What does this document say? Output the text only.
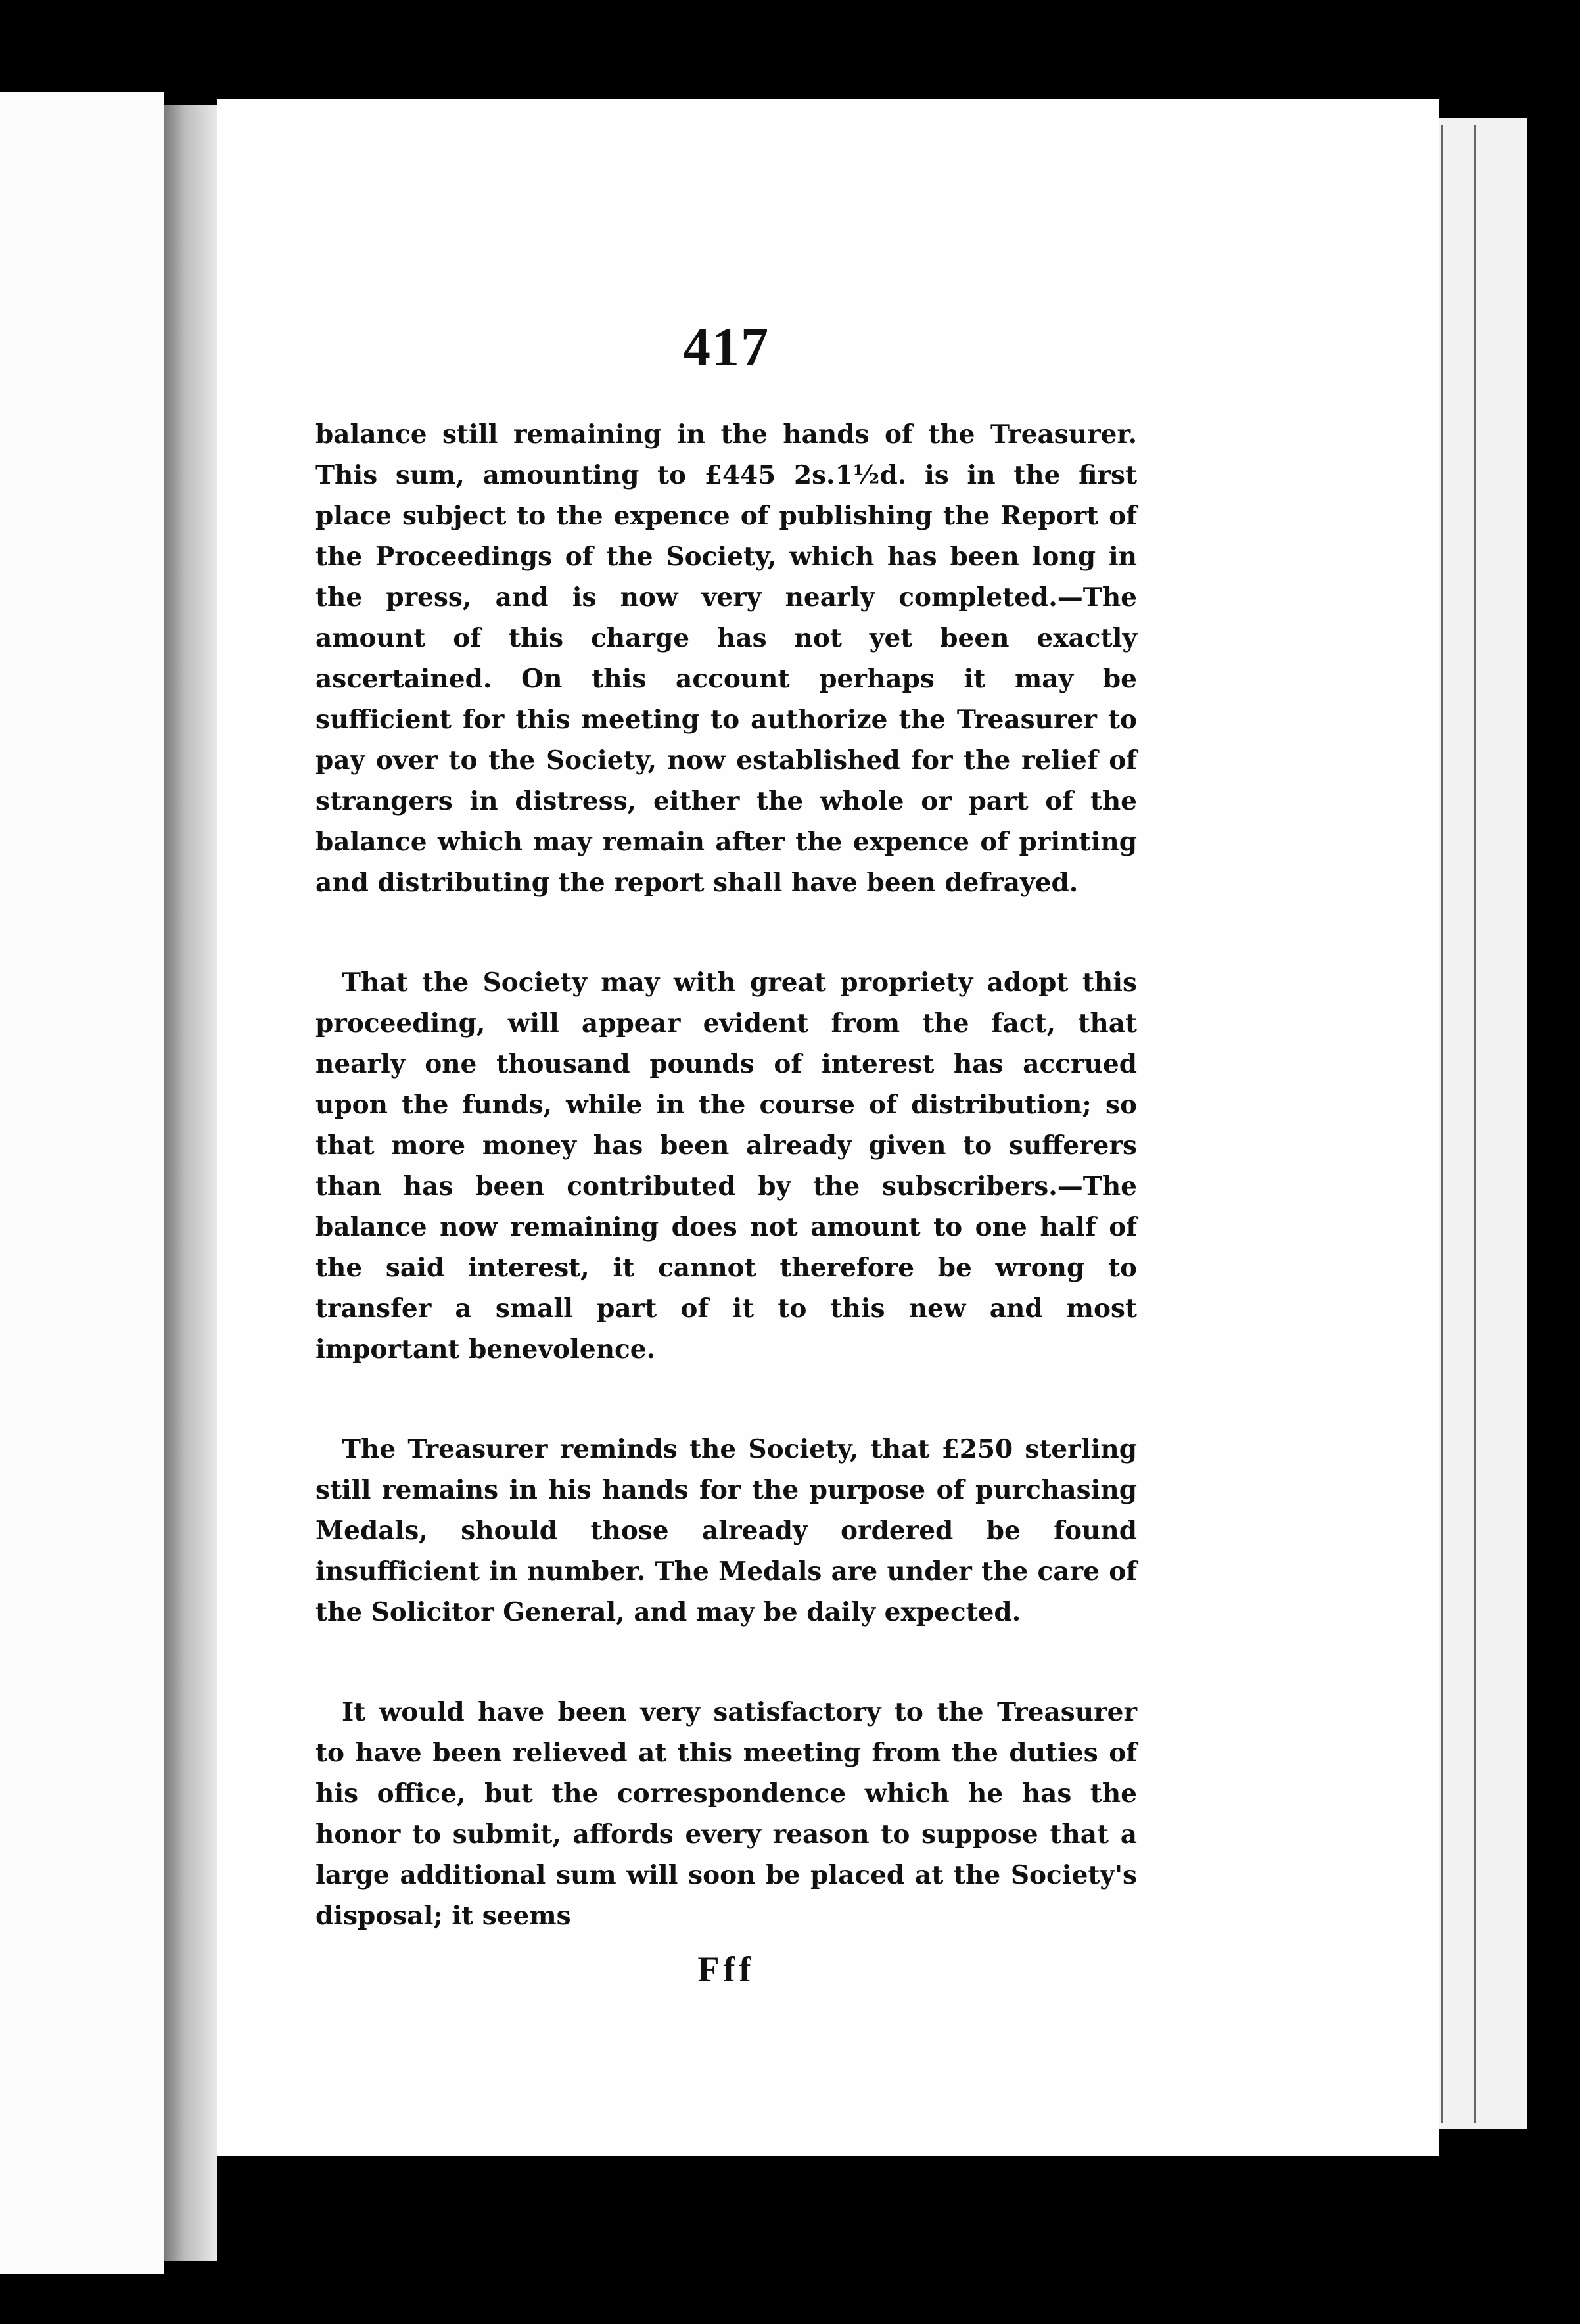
417

balance still remaining in the hands of the Treasurer. This sum, amounting to £445 2s.1½d. is in the first place subject to the expence of publishing the Report of the Proceedings of the Society, which has been long in the press, and is now very nearly completed.—The amount of this charge has not yet been exactly ascertained. On this account perhaps it may be sufficient for this meeting to authorize the Treasurer to pay over to the Society, now established for the relief of strangers in distress, either the whole or part of the balance which may remain after the expence of printing and distributing the report shall have been defrayed.

That the Society may with great propriety adopt this proceeding, will appear evident from the fact, that nearly one thousand pounds of interest has accrued upon the funds, while in the course of distribution; so that more money has been already given to sufferers than has been contributed by the subscribers.—The balance now remaining does not amount to one half of the said interest, it cannot therefore be wrong to transfer a small part of it to this new and most important benevolence.

The Treasurer reminds the Society, that £250 sterling still remains in his hands for the purpose of purchasing Medals, should those already ordered be found insufficient in number. The Medals are under the care of the Solicitor General, and may be daily expected.

It would have been very satisfactory to the Treasurer to have been relieved at this meeting from the duties of his office, but the correspondence which he has the honor to submit, affords every reason to suppose that a large additional sum will soon be placed at the Society's disposal; it seems

Fff
